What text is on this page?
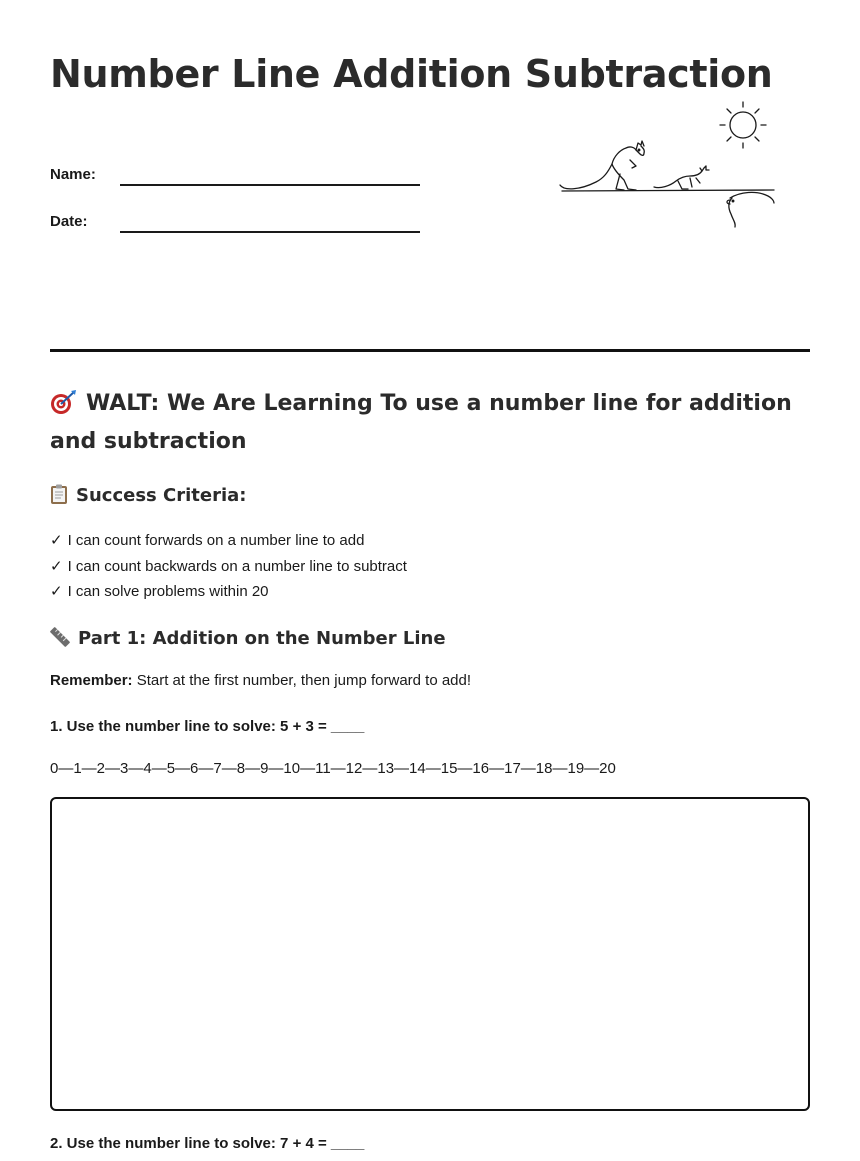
Number Line Addition Subtraction
Name:
Date:
WALT: We Are Learning To use a number line for addition and subtraction
Success Criteria:
✓ I can count forwards on a number line to add
✓ I can count backwards on a number line to subtract
✓ I can solve problems within 20
Part 1: Addition on the Number Line
Remember: Start at the first number, then jump forward to add!
1. Use the number line to solve: 5 + 3 = ____
0—1—2—3—4—5—6—7—8—9—10—11—12—13—14—15—16—17—18—19—20
2. Use the number line to solve: 7 + 4 = ____
